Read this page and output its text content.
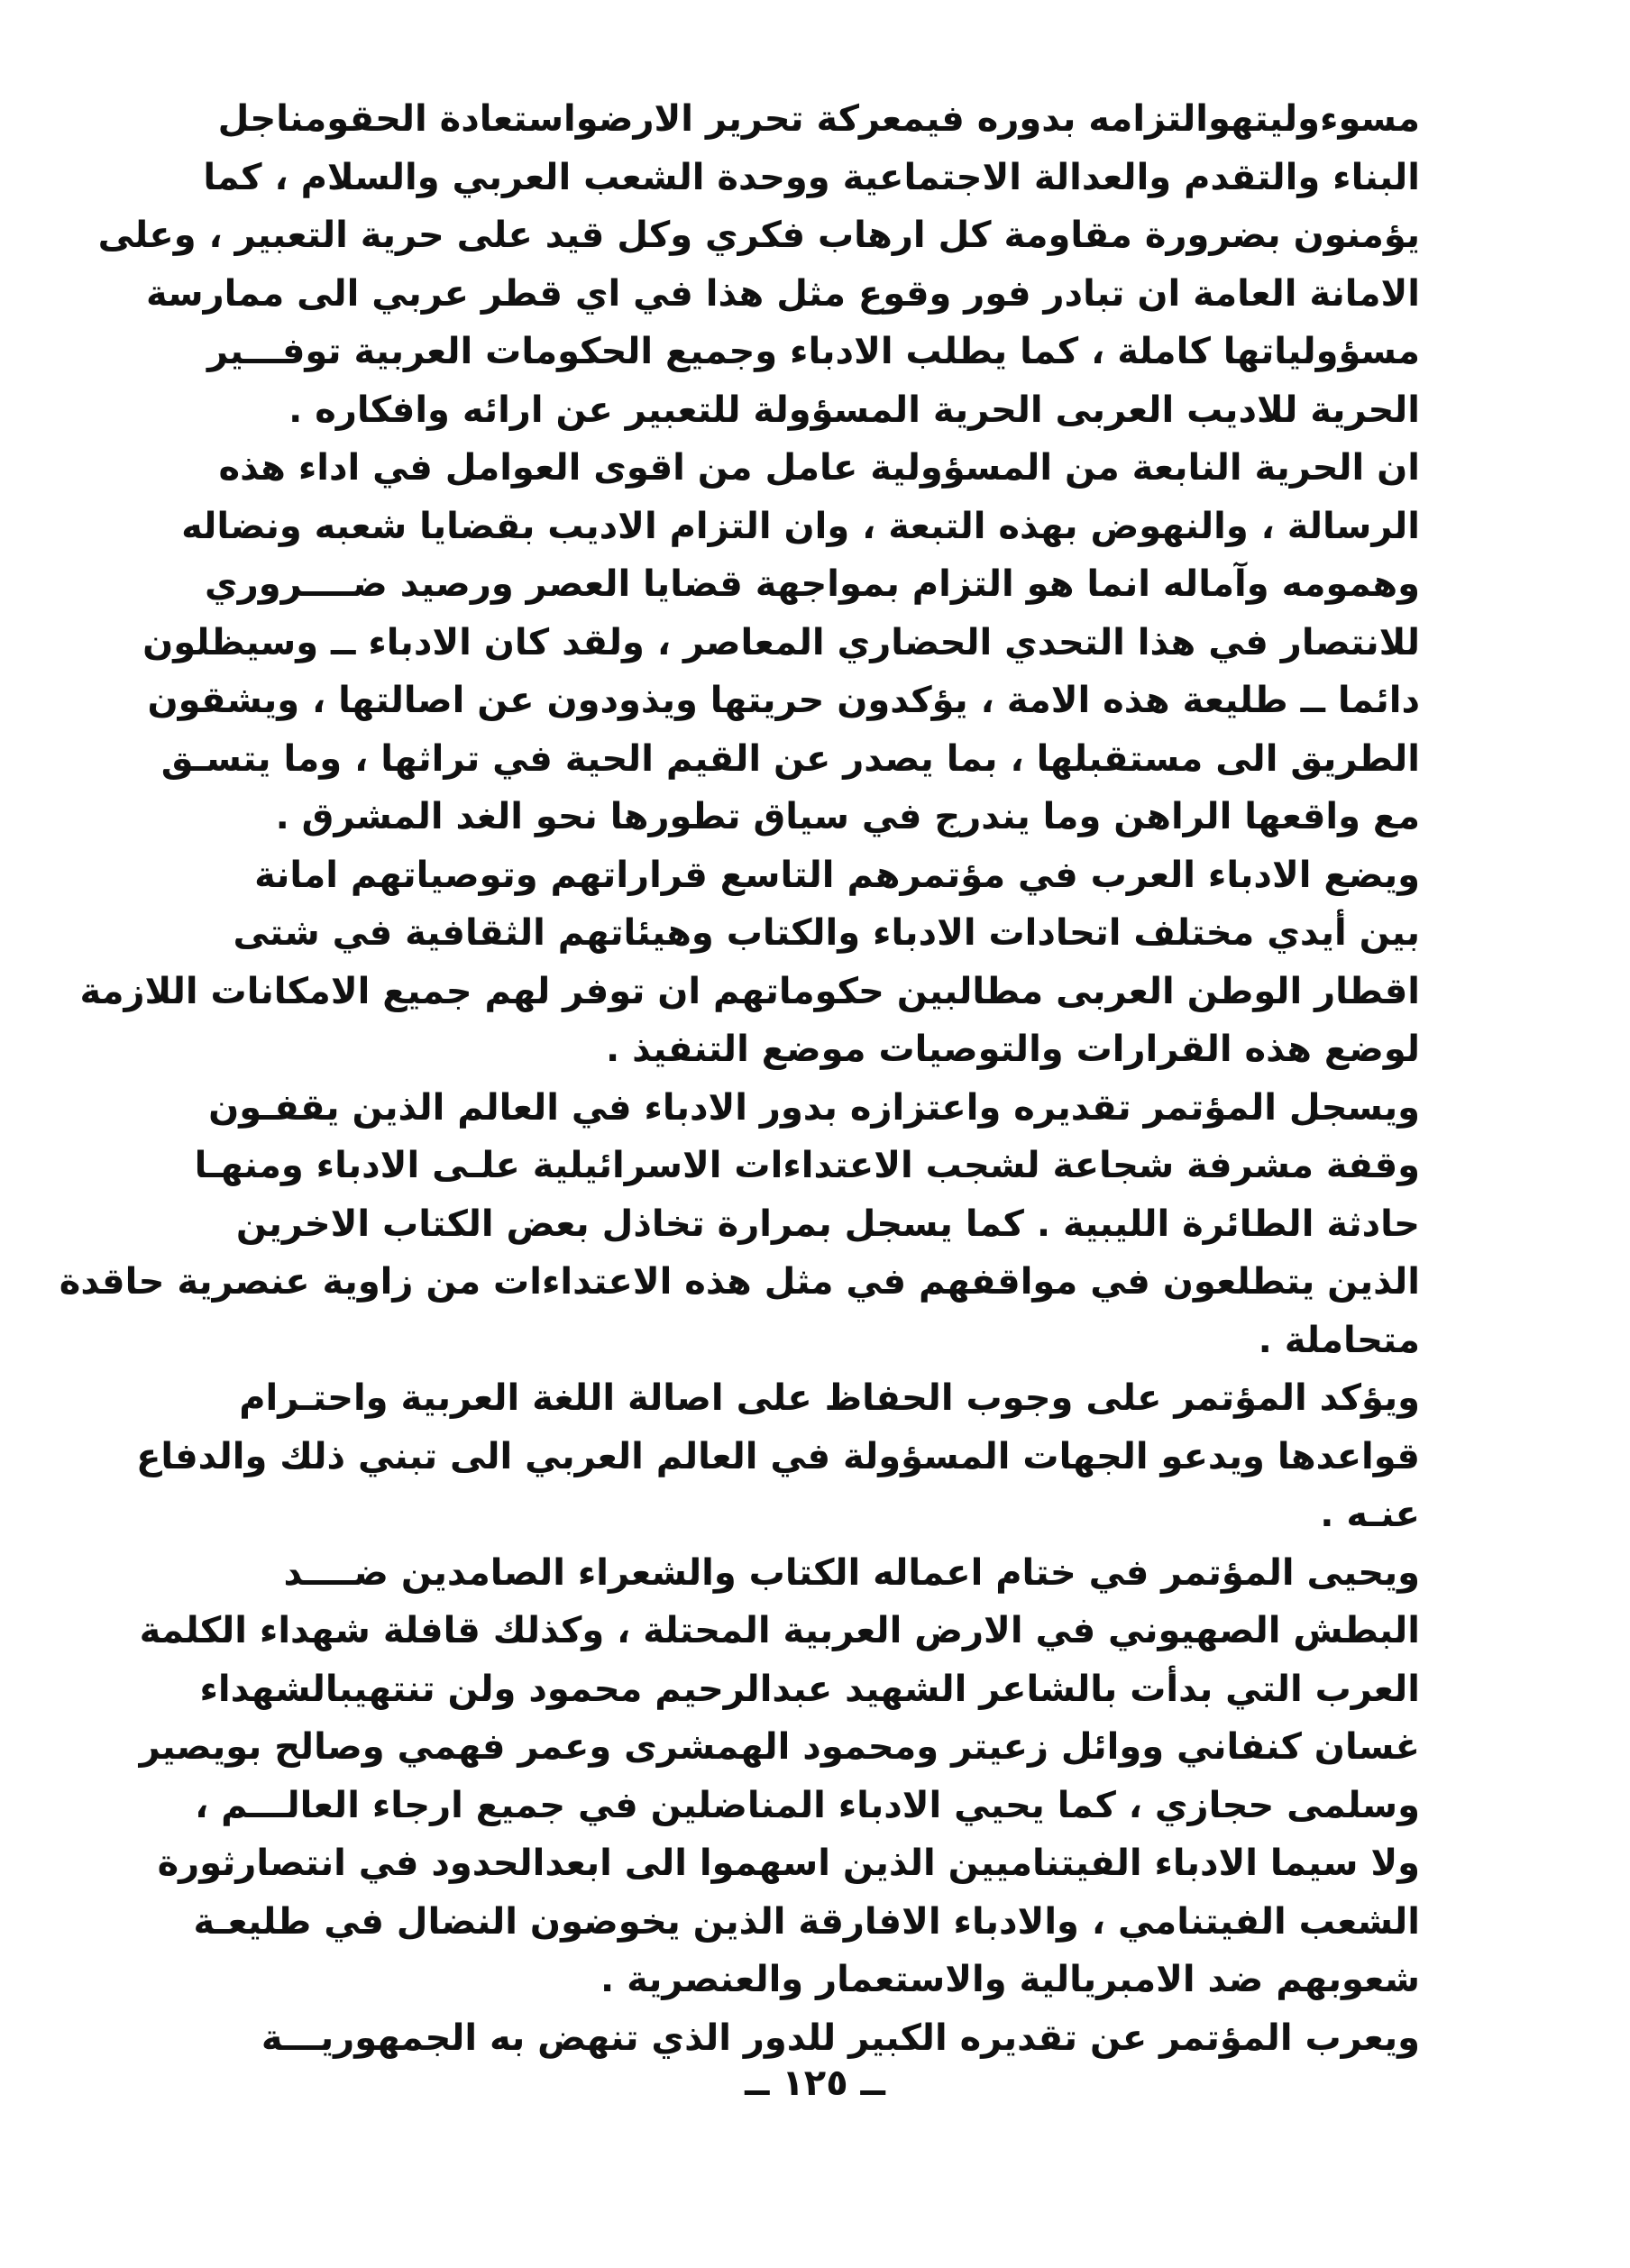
مسوءوليتهوالتزامه بدوره فيمعركة تحرير الارضواستعادة الحقومناجل
البناء والتقدم والعدالة الاجتماعية ووحدة الشعب العربي والسلام ، كما
يؤمنون بضرورة مقاومة كل ارهاب فكري وكل قيد على حرية التعبير ، وعلى
الامانة العامة ان تبادر فور وقوع مثل هذا في اي قطر عربي الى ممارسة
مسؤولياتها كاملة ، كما يطلب الادباء وجميع الحكومات العربية توفـــير
الحرية للاديب العربى الحرية المسؤولة للتعبير عن ارائه وافكاره .
ان الحرية النابعة من المسؤولية عامل من اقوى العوامل في اداء هذه
الرسالة ، والنهوض بهذه التبعة ، وان التزام الاديب بقضايا شعبه ونضاله
وهمومه وآماله انما هو التزام بمواجهة قضايا العصر ورصيد ضــــروري
للانتصار في هذا التحدي الحضاري المعاصر ، ولقد كان الادباء ــ وسيظلون
دائما ــ طليعة هذه الامة ، يؤكدون حريتها ويذودون عن اصالتها ، ويشقون
الطريق الى مستقبلها ، بما يصدر عن القيم الحية في تراثها ، وما يتسـق
مع واقعها الراهن وما يندرج في سياق تطورها نحو الغد المشرق .
ويضع الادباء العرب في مؤتمرهم التاسع قراراتهم وتوصياتهم امانة
بين أيدي مختلف اتحادات الادباء والكتاب وهيئاتهم الثقافية في شتى
اقطار الوطن العربى مطالبين حكوماتهم ان توفر لهم جميع الامكانات اللازمة
لوضع هذه القرارات والتوصيات موضع التنفيذ .
ويسجل المؤتمر تقديره واعتزازه بدور الادباء في العالم الذين يقفـون
وقفة مشرفة شجاعة لشجب الاعتداءات الاسرائيلية علـى الادباء ومنهـا
حادثة الطائرة الليبية . كما يسجل بمرارة تخاذل بعض الكتاب الاخرين
الذين يتطلعون في مواقفهم في مثل هذه الاعتداءات من زاوية عنصرية حاقدة
متحاملة .
ويؤكد المؤتمر على وجوب الحفاظ على اصالة اللغة العربية واحتـرام
قواعدها ويدعو الجهات المسؤولة في العالم العربي الى تبني ذلك والدفاع
عنـه .
ويحيى المؤتمر في ختام اعماله الكتاب والشعراء الصامدين ضــــد
البطش الصهيوني في الارض العربية المحتلة ، وكذلك قافلة شهداء الكلمة
العرب التي بدأت بالشاعر الشهيد عبدالرحيم محمود ولن تنتهيبالشهداء
غسان كنفاني ووائل زعيتر ومحمود الهمشرى وعمر فهمي وصالح بويصير
وسلمى حجازي ، كما يحيي الادباء المناضلين في جميع ارجاء العالـــم ،
ولا سيما الادباء الفيتناميين الذين اسهموا الى ابعدالحدود في انتصارثورة
الشعب الفيتنامي ، والادباء الافارقة الذين يخوضون النضال في طليعـة
شعوبهم ضد الامبريالية والاستعمار والعنصرية .
ويعرب المؤتمر عن تقديره الكبير للدور الذي تنهض به الجمهوريـــة
ــ ١٢٥ ــ
